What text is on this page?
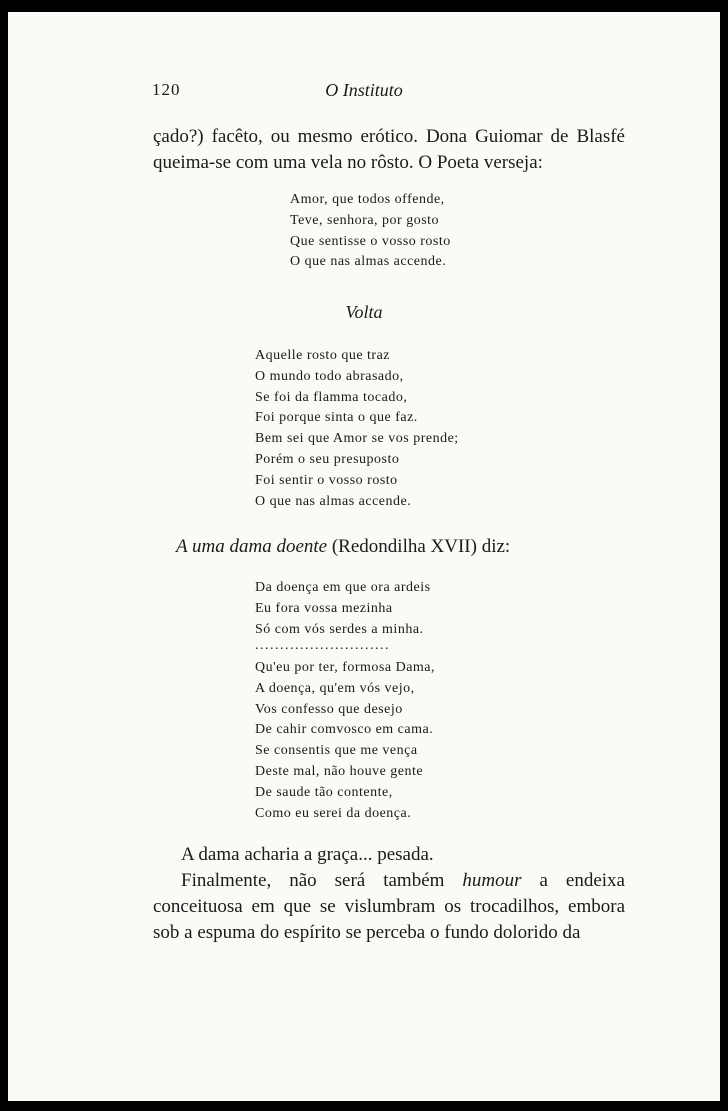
120	O Instituto

çado?) facêto, ou mesmo erótico. Dona Guiomar de Blasfé

queima-se com uma vela no rôsto. O Poeta versejа:

Amor, que todos offende,
Teve, senhora, por gosto
Que sentisse o vosso rosto
O que nas almas accende.
Volta
Aquelle rosto que traz
O mundo todo abrasado,
Se foi da flamma tocado,
Foi porque sinta o que faz.
Bem sei que Amor se vos prende;
Porém o seu presuposto
Foi sentir o vosso rosto
O que nas almas accende.
A uma dama doente (Redondilha XVII) diz:
Da doença em que ora ardeis
Eu fora vossa mezinha
Só com vós serdes a minha.
...........................
Qu'eu por ter, formosa Dama,
A doença, qu'em vós vejo,
Vos confesso que desejo
De cahir comvosco em cama.
Se consentis que me vença
Deste mal, não houve gente
De saude tão contente,
Como eu serei da doença.

A dama acharia a graça... pesada.

Finalmente, não será também humour a endeixa conceituosa em que se vislumbram os trocadilhos, embora sob a espuma do espírito se perceba o fundo dolorido da
